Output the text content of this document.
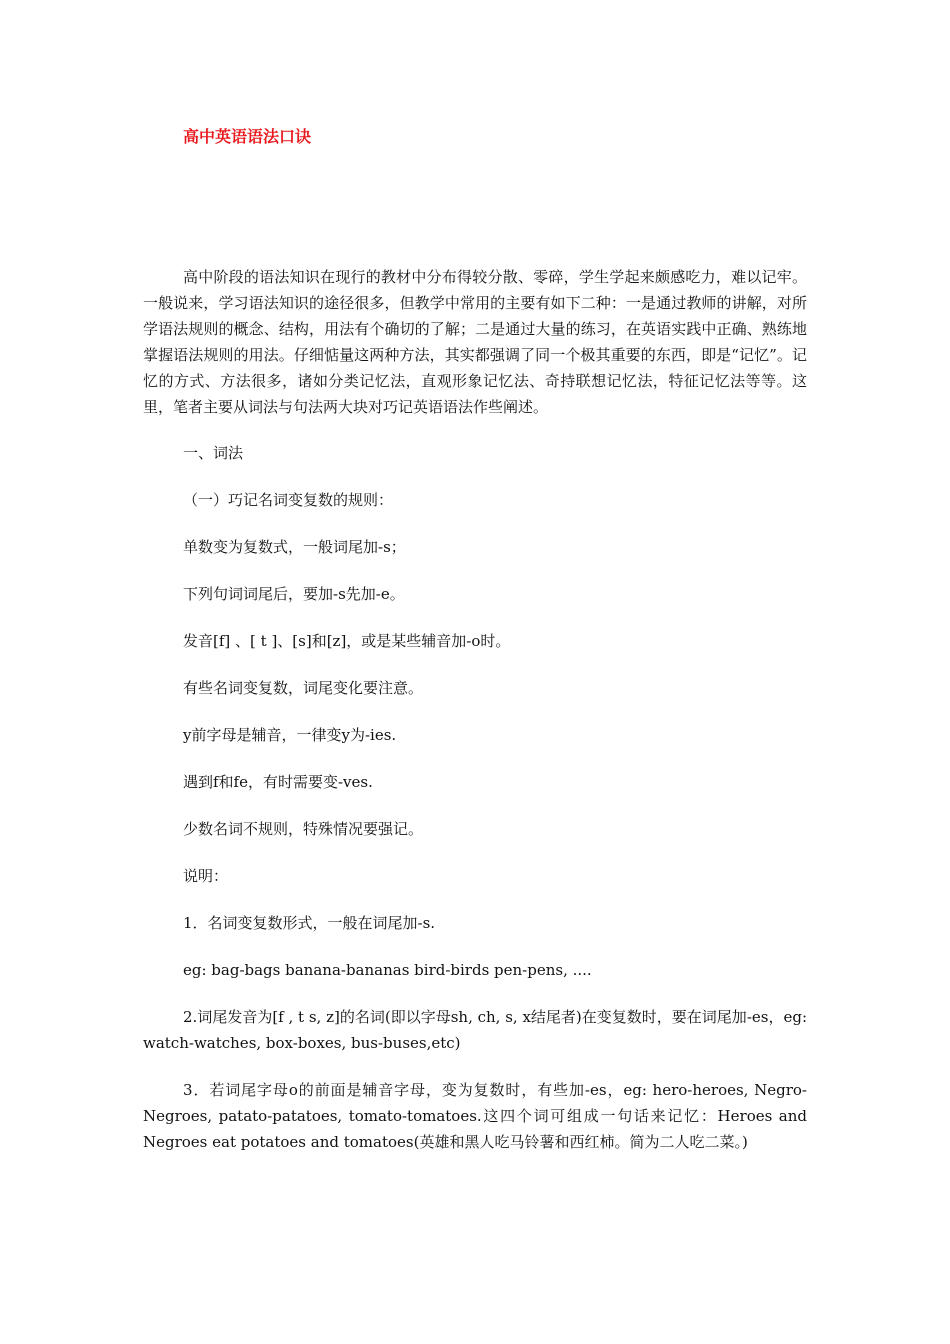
高中英语语法口诀

高中阶段的语法知识在现行的教材中分布得较分散、零碎，学生学起来颇感吃力，难以记牢。一般说来，学习语法知识的途径很多，但教学中常用的主要有如下二种：一是通过教师的讲解，对所学语法规则的概念、结构，用法有个确切的了解；二是通过大量的练习，在英语实践中正确、熟练地掌握语法规则的用法。仔细惦量这两种方法，其实都强调了同一个极其重要的东西，即是“记忆”。记忆的方式、方法很多，诸如分类记忆法，直观形象记忆法、奇持联想记忆法，特征记忆法等等。这里，笔者主要从词法与句法两大块对巧记英语语法作些阐述。

一、词法

（一）巧记名词变复数的规则：

单数变为复数式，一般词尾加-s；

下列句词词尾后，要加-s先加-e。

发音[f] 、[ t ]、[s]和[z]，或是某些辅音加-o时。

有些名词变复数，词尾变化要注意。

y前字母是辅音，一律变y为-ies.

遇到f和fe，有时需要变-ves.

少数名词不规则，特殊情况要强记。

说明：

1．名词变复数形式，一般在词尾加-s.

eg: bag-bags banana-bananas bird-birds pen-pens, ....

2.词尾发音为[f , t s, z]的名词(即以字母sh, ch, s, x结尾者)在变复数时，要在词尾加-es，eg: watch-watches, box-boxes, bus-buses,etc)

3．若词尾字母o的前面是辅音字母，变为复数时，有些加-es，eg: hero-heroes, Negro-Negroes, patato-patatoes, tomato-tomatoes.这四个词可组成一句话来记忆：Heroes and Negroes eat potatoes and tomatoes(英雄和黑人吃马铃薯和西红柿。简为二人吃二菜。)
